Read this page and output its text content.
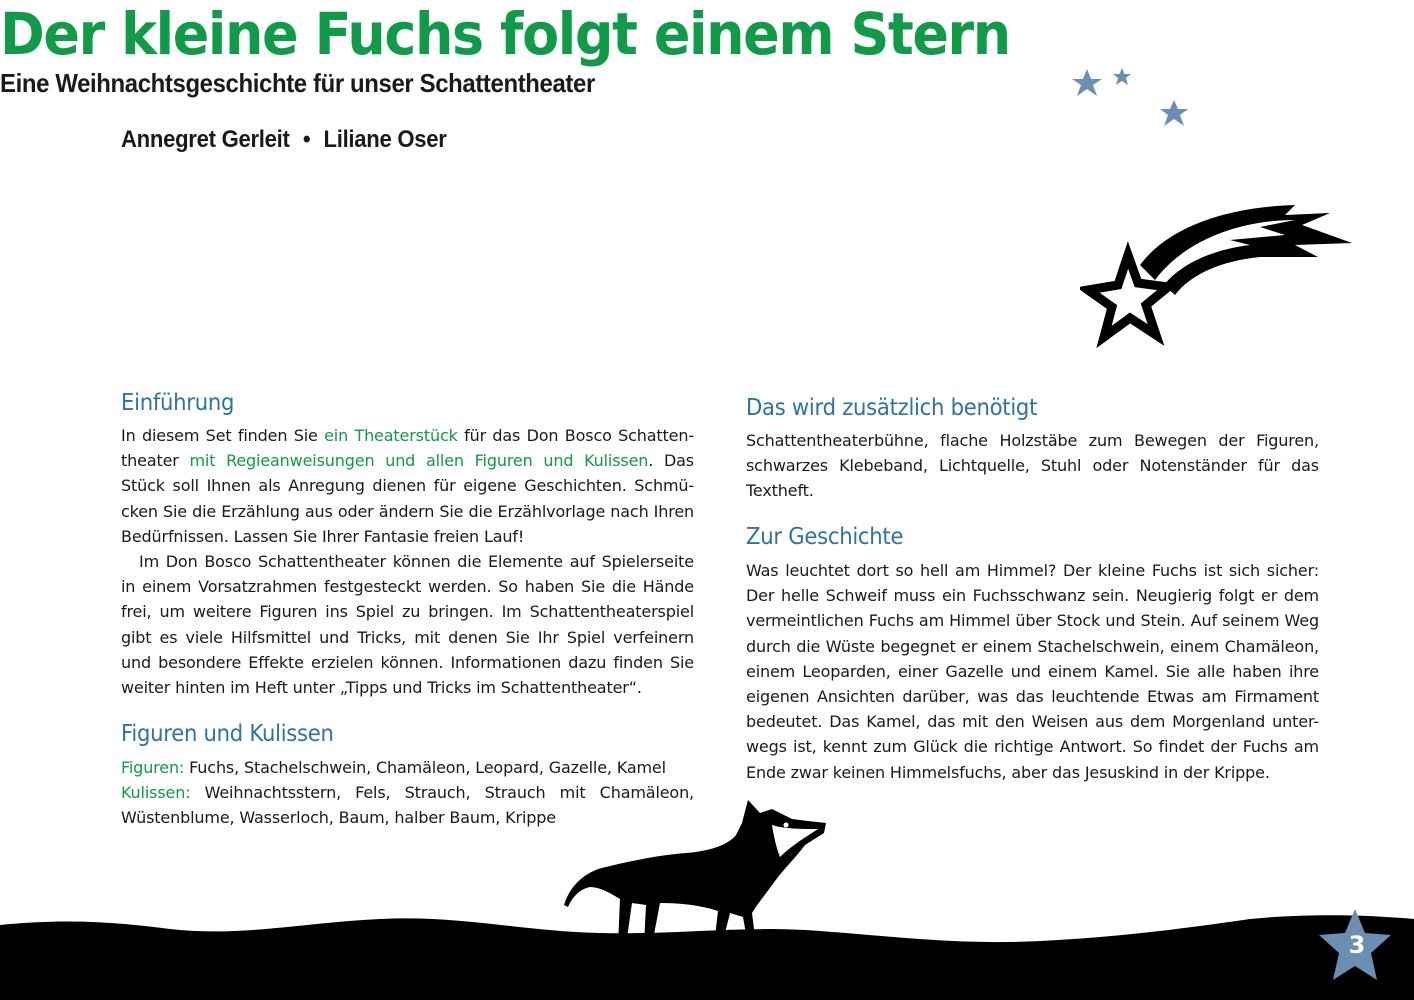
Annegret Gerleit • Liliane Oser
Der kleine Fuchs folgt einem Stern
Eine Weihnachtsgeschichte für unser Schattentheater
Einführung

In diesem Set finden Sie ein Theaterstück für das Don Bosco Schatten-theater mit Regieanweisungen und allen Figuren und Kulissen. Das Stück soll Ihnen als Anregung dienen für eigene Geschichten. Schmü-cken Sie die Erzählung aus oder ändern Sie die Erzählvorlage nach Ihren Bedürfnissen. Lassen Sie Ihrer Fantasie freien Lauf!

Im Don Bosco Schattentheater können die Elemente auf Spielerseite in einem Vorsatzrahmen festgesteckt werden. So haben Sie die Hände frei, um weitere Figuren ins Spiel zu bringen. Im Schattentheaterspiel gibt es viele Hilfsmittel und Tricks, mit denen Sie Ihr Spiel verfeinern und besondere Effekte erzielen können. Informationen dazu finden Sie weiter hinten im Heft unter „Tipps und Tricks im Schattentheater“.

Figuren und Kulissen

Figuren: Fuchs, Stachelschwein, Chamäleon, Leopard, Gazelle, Kamel

Kulissen: Weihnachtsstern, Fels, Strauch, Strauch mit Chamäleon, Wüstenblume, Wasserloch, Baum, halber Baum, Krippe

Das wird zusätzlich benötigt

Schattentheaterbühne, flache Holzstäbe zum Bewegen der Figuren, schwarzes Klebeband, Lichtquelle, Stuhl oder Notenständer für das Textheft.

Zur Geschichte

Was leuchtet dort so hell am Himmel? Der kleine Fuchs ist sich sicher: Der helle Schweif muss ein Fuchsschwanz sein. Neugierig folgt er dem vermeintlichen Fuchs am Himmel über Stock und Stein. Auf seinem Weg durch die Wüste begegnet er einem Stachelschwein, einem Chamäleon, einem Leoparden, einer Gazelle und einem Kamel. Sie alle haben ihre eigenen Ansichten darüber, was das leuchtende Etwas am Firmament bedeutet. Das Kamel, das mit den Weisen aus dem Morgenland unter-wegs ist, kennt zum Glück die richtige Antwort. So findet der Fuchs am Ende zwar keinen Himmelsfuchs, aber das Jesuskind in der Krippe.

3
